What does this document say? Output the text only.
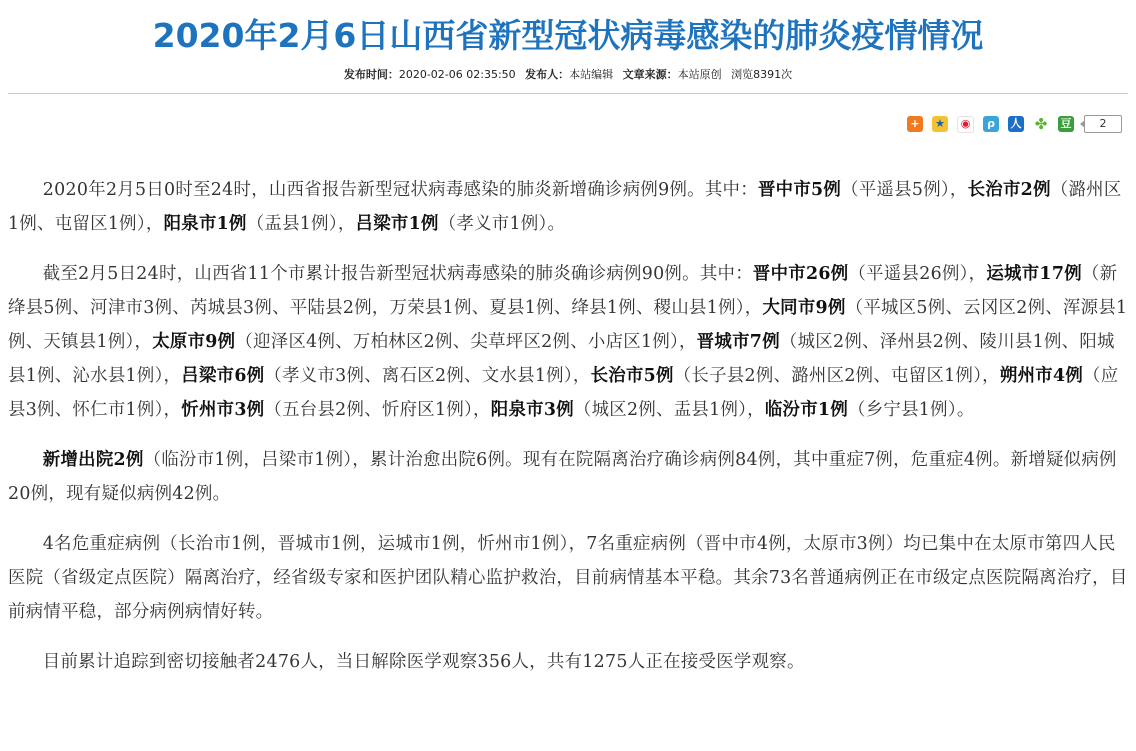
2020年2月6日山西省新型冠状病毒感染的肺炎疫情情况
发布时间：2020-02-06 02:35:50 发布人：本站编辑 文章来源：本站原创 浏览8391次
+	★	◉	ρ	人 ✤ 豆	2

2020年2月5日0时至24时，山西省报告新型冠状病毒感染的肺炎新增确诊病例9例。其中：晋中市5例（平遥县5例），长治市2例（潞州区1例、屯留区1例），阳泉市1例（盂县1例），吕梁市1例（孝义市1例）。

截至2月5日24时，山西省11个市累计报告新型冠状病毒感染的肺炎确诊病例90例。其中：晋中市26例（平遥县26例），运城市17例（新绛县5例、河津市3例、芮城县3例、平陆县2例，万荣县1例、夏县1例、绛县1例、稷山县1例），大同市9例（平城区5例、云冈区2例、浑源县1例、天镇县1例），太原市9例（迎泽区4例、万柏林区2例、尖草坪区2例、小店区1例），晋城市7例（城区2例、泽州县2例、陵川县1例、阳城县1例、沁水县1例），吕梁市6例（孝义市3例、离石区2例、文水县1例），长治市5例（长子县2例、潞州区2例、屯留区1例），朔州市4例（应县3例、怀仁市1例），忻州市3例（五台县2例、忻府区1例），阳泉市3例（城区2例、盂县1例），临汾市1例（乡宁县1例）。

新增出院2例（临汾市1例，吕梁市1例），累计治愈出院6例。现有在院隔离治疗确诊病例84例，其中重症7例，危重症4例。新增疑似病例20例，现有疑似病例42例。

4名危重症病例（长治市1例，晋城市1例，运城市1例，忻州市1例），7名重症病例（晋中市4例，太原市3例）均已集中在太原市第四人民医院（省级定点医院）隔离治疗，经省级专家和医护团队精心监护救治，目前病情基本平稳。其余73名普通病例正在市级定点医院隔离治疗，目前病情平稳，部分病例病情好转。

目前累计追踪到密切接触者2476人，当日解除医学观察356人，共有1275人正在接受医学观察。
